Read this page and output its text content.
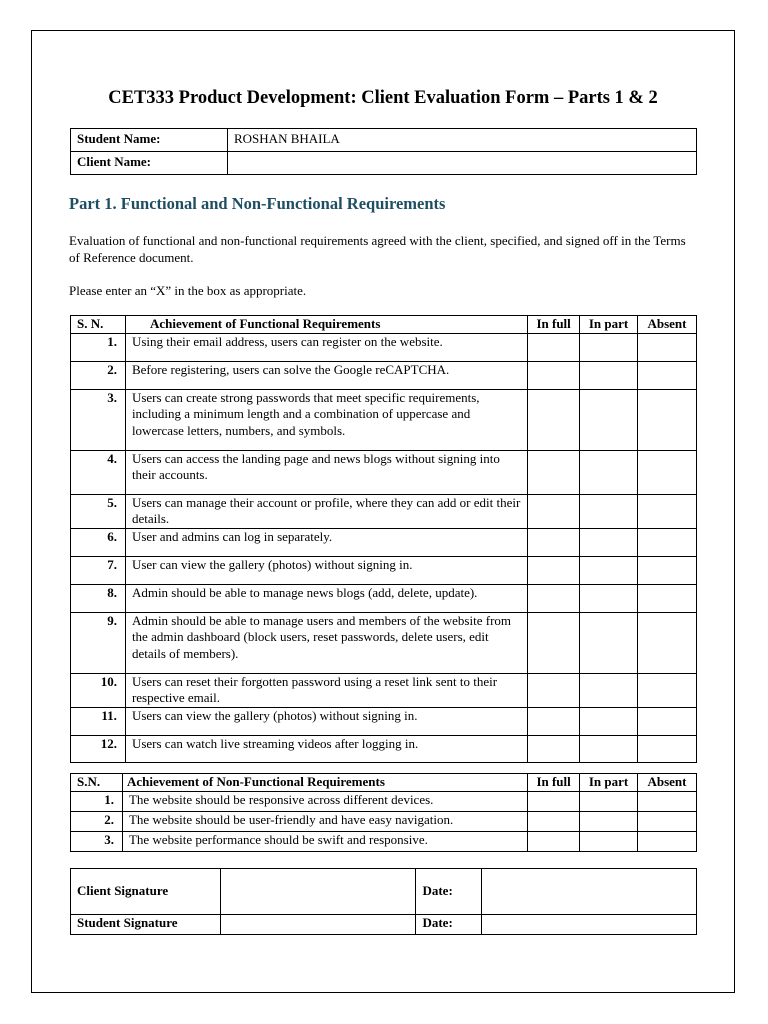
CET333 Product Development: Client Evaluation Form – Parts 1 & 2
Student Name:	ROSHAN BHAILA
Client Name:	
Part 1. Functional and Non-Functional Requirements
Evaluation of functional and non-functional requirements agreed with the client, specified, and signed off in the Terms of Reference document.
Please enter an “X” in the box as appropriate.
S. N.	Achievement of Functional Requirements	In full	In part	Absent
1.	Using their email address, users can register on the website.			
2.	Before registering, users can solve the Google reCAPTCHA.			
3.	Users can create strong passwords that meet specific requirements, including a minimum length and a combination of uppercase and lowercase letters, numbers, and symbols.			
4.	Users can access the landing page and news blogs without signing into their accounts.			
5.	Users can manage their account or profile, where they can add or edit their details.			
6.	User and admins can log in separately.			
7.	User can view the gallery (photos) without signing in.			
8.	Admin should be able to manage news blogs (add, delete, update).			
9.	Admin should be able to manage users and members of the website from the admin dashboard (block users, reset passwords, delete users, edit details of members).			
10.	Users can reset their forgotten password using a reset link sent to their respective email.			
11.	Users can view the gallery (photos) without signing in.			
12.	Users can watch live streaming videos after logging in.			
S.N.	Achievement of Non-Functional Requirements	In full	In part	Absent
1.	The website should be responsive across different devices.			
2.	The website should be user-friendly and have easy navigation.			
3.	The website performance should be swift and responsive.			
Client Signature		Date:	
Student Signature		Date:	
